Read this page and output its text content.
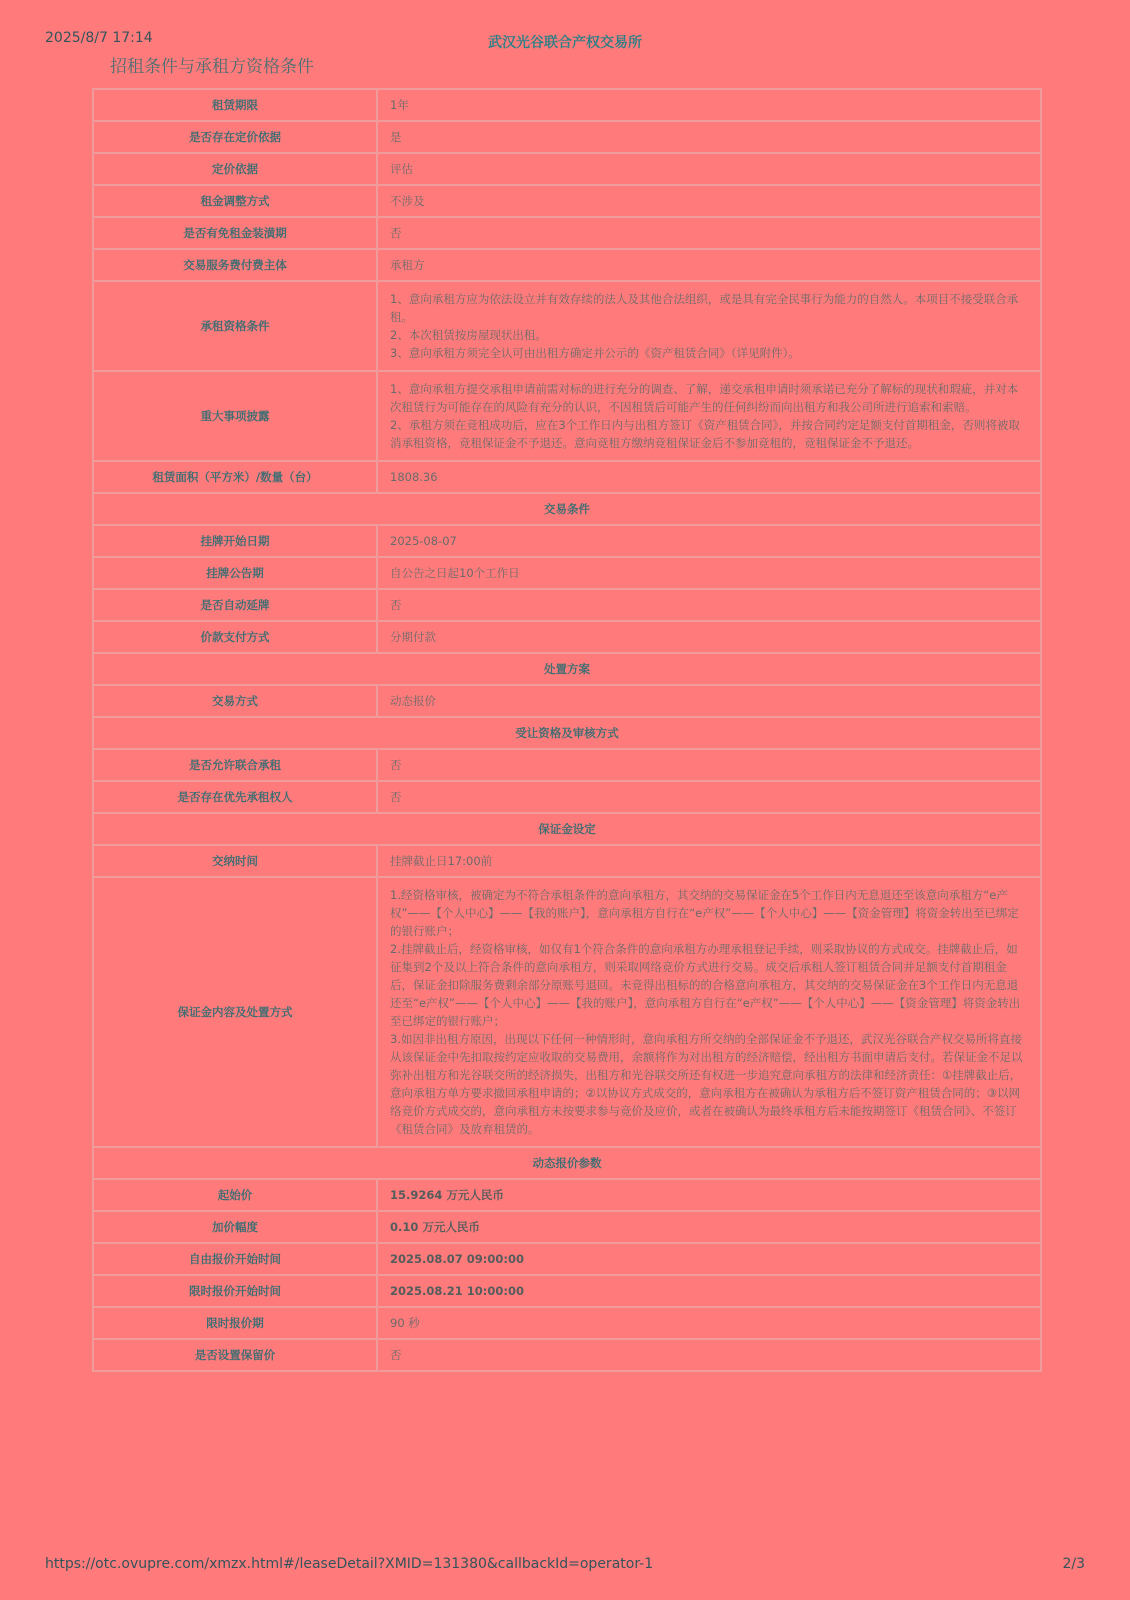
2025/8/7 17:14	武汉光谷联合产权交易所
招租条件与承租方资格条件
租赁期限	1年
是否存在定价依据	是
定价依据	评估
租金调整方式	不涉及
是否有免租金装潢期	否
交易服务费付费主体	承租方
承租资格条件	1、意向承租方应为依法设立并有效存续的法人及其他合法组织，或是具有完全民事行为能力的自然人。本项目不接受联合承租。
2、本次租赁按房屋现状出租。
3、意向承租方须完全认可由出租方确定并公示的《资产租赁合同》（详见附件）。
重大事项披露	1、意向承租方提交承租申请前需对标的进行充分的调查、了解，递交承租申请时须承诺已充分了解标的现状和瑕疵，并对本次租赁行为可能存在的风险有充分的认识，不因租赁后可能产生的任何纠纷而向出租方和我公司所进行追索和索赔。
2、承租方须在竞租成功后，应在3个工作日内与出租方签订《资产租赁合同》，并按合同约定足额支付首期租金，否则将被取消承租资格，竞租保证金不予退还。意向竞租方缴纳竞租保证金后不参加竞租的，竞租保证金不予退还。
租赁面积（平方米）/数量（台）	1808.36
交易条件	
挂牌开始日期	2025-08-07
挂牌公告期	自公告之日起10个工作日
是否自动延牌	否
价款支付方式	分期付款
处置方案	
交易方式	动态报价
受让资格及审核方式	
是否允许联合承租	否
是否存在优先承租权人	否
保证金设定	
交纳时间	挂牌截止日17:00前
保证金内容及处置方式	1.经资格审核，被确定为不符合承租条件的意向承租方，其交纳的交易保证金在5个工作日内无息退还至该意向承租方“e产权”——【个人中心】——【我的账户】，意向承租方自行在“e产权”——【个人中心】——【资金管理】将资金转出至已绑定的银行账户；
2.挂牌截止后，经资格审核，如仅有1个符合条件的意向承租方办理承租登记手续，则采取协议的方式成交。挂牌截止后，如征集到2个及以上符合条件的意向承租方，则采取网络竞价方式进行交易。成交后承租人签订租赁合同并足额支付首期租金后，保证金扣除服务费剩余部分原账号退回。未竞得出租标的的合格意向承租方，其交纳的交易保证金在3个工作日内无息退还至“e产权”——【个人中心】——【我的账户】，意向承租方自行在“e产权”——【个人中心】——【资金管理】将资金转出至已绑定的银行账户；
3.如因非出租方原因，出现以下任何一种情形时，意向承租方所交纳的全部保证金不予退还，武汉光谷联合产权交易所将直接从该保证金中先扣取按约定应收取的交易费用，余额将作为对出租方的经济赔偿，经出租方书面申请后支付。若保证金不足以弥补出租方和光谷联交所的经济损失，出租方和光谷联交所还有权进一步追究意向承租方的法律和经济责任：①挂牌截止后，意向承租方单方要求撤回承租申请的；②以协议方式成交的，意向承租方在被确认为承租方后不签订资产租赁合同的；③以网络竞价方式成交的，意向承租方未按要求参与竞价及应价，或者在被确认为最终承租方后未能按期签订《租赁合同》、不签订《租赁合同》及放弃租赁的。
动态报价参数	
起始价	15.9264 万元人民币
加价幅度	0.10 万元人民币
自由报价开始时间	2025.08.07 09:00:00
限时报价开始时间	2025.08.21 10:00:00
限时报价期	90 秒
是否设置保留价	否
https://otc.ovupre.com/xmzx.html#/leaseDetail?XMID=131380&callbackId=operator-1	2/3
